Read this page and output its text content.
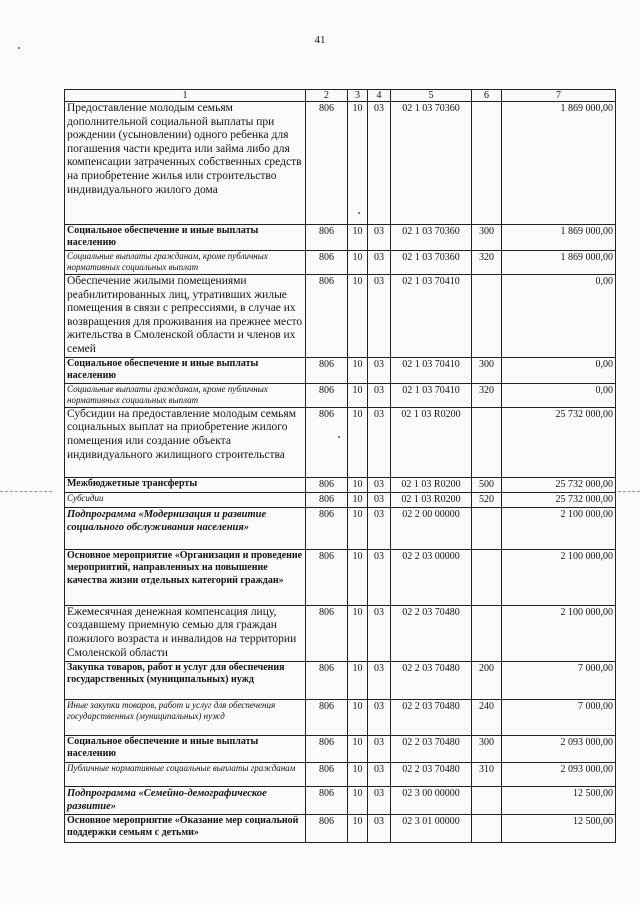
41
1	2	3	4	5	6	7
Предоставление молодым семьям дополнительной социальной выплаты при рождении (усыновлении) одного ребенка для погашения части кредита или займа либо для компенсации затраченных собственных средств на приобретение жилья или строительство индивидуального жилого дома	806	10	03	02 1 03 70360		1 869 000,00
Социальное обеспечение и иные выплаты населению	806	10	03	02 1 03 70360	300	1 869 000,00
Социальные выплаты гражданам, кроме публичных нормативных социальных выплат	806	10	03	02 1 03 70360	320	1 869 000,00
Обеспечение жилыми помещениями реабилитированных лиц, утративших жилые помещения в связи с репрессиями, в случае их возвращения для проживания на прежнее место жительства в Смоленской области и членов их семей	806	10	03	02 1 03 70410		0,00
Социальное обеспечение и иные выплаты населению	806	10	03	02 1 03 70410	300	0,00
Социальные выплаты гражданам, кроме публичных нормативных социальных выплат	806	10	03	02 1 03 70410	320	0,00
Субсидии на предоставление молодым семьям социальных выплат на приобретение жилого помещения или создание объекта индивидуального жилищного строительства	806	10	03	02 1 03 R0200		25 732 000,00
Межбюджетные трансферты	806	10	03	02 1 03 R0200	500	25 732 000,00
Субсидии	806	10	03	02 1 03 R0200	520	25 732 000,00
Подпрограмма «Модернизация и развитие социального обслуживания населения»	806	10	03	02 2 00 00000		2 100 000,00
Основное мероприятие «Организация и проведение мероприятий, направленных на повышение качества жизни отдельных категорий граждан»	806	10	03	02 2 03 00000		2 100 000,00
Ежемесячная денежная компенсация лицу, создавшему приемную семью для граждан пожилого возраста и инвалидов на территории Смоленской области	806	10	03	02 2 03 70480		2 100 000,00
Закупка товаров, работ и услуг для обеспечения государственных (муниципальных) нужд	806	10	03	02 2 03 70480	200	7 000,00
Иные закупки товаров, работ и услуг для обеспечения государственных (муниципальных) нужд	806	10	03	02 2 03 70480	240	7 000,00
Социальное обеспечение и иные выплаты населению	806	10	03	02 2 03 70480	300	2 093 000,00
Публичные нормативные социальные выплаты гражданам	806	10	03	02 2 03 70480	310	2 093 000,00
Подпрограмма «Семейно-демографическое развитие»	806	10	03	02 3 00 00000		12 500,00
Основное мероприятие «Оказание мер социальной поддержки семьям с детьми»	806	10	03	02 3 01 00000		12 500,00
